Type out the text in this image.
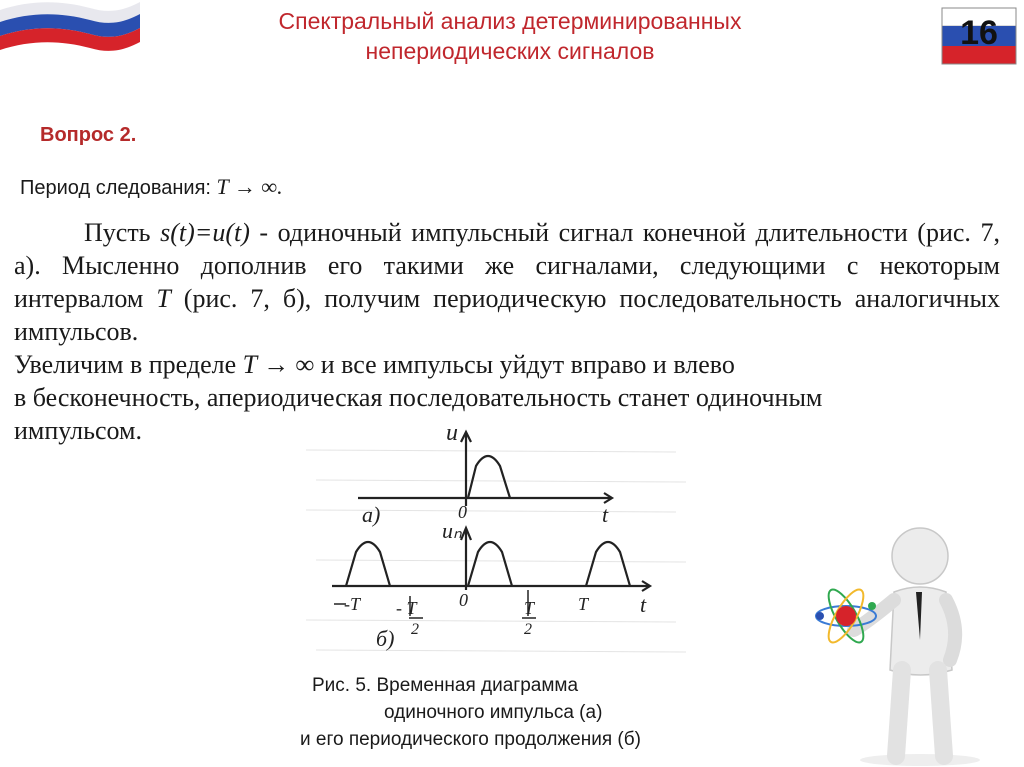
Спектральный анализ детерминированных
непериодических сигналов	16
Вопрос 2.
Период следования: T → ∞.

Пусть s(t)=u(t) - одиночный импульсный сигнал конечной длительности (рис. 7, а). Мысленно дополнив его такими же сигналами, следующими с некоторым интервалом T (рис. 7, б), получим периодическую последовательность аналогичных импульсов.

Увеличим в пределе T → ∞ и все импульсы уйдут вправо и влево

в бесконечность, апериодическая последовательность станет одиночным

импульсом.	u
а)	0	t
uₙ
-T - T
2
0	T
2
T t
б)
Рис. 5. Временная диаграмма
одиночного импульса (а)
и его периодического продолжения (б)
